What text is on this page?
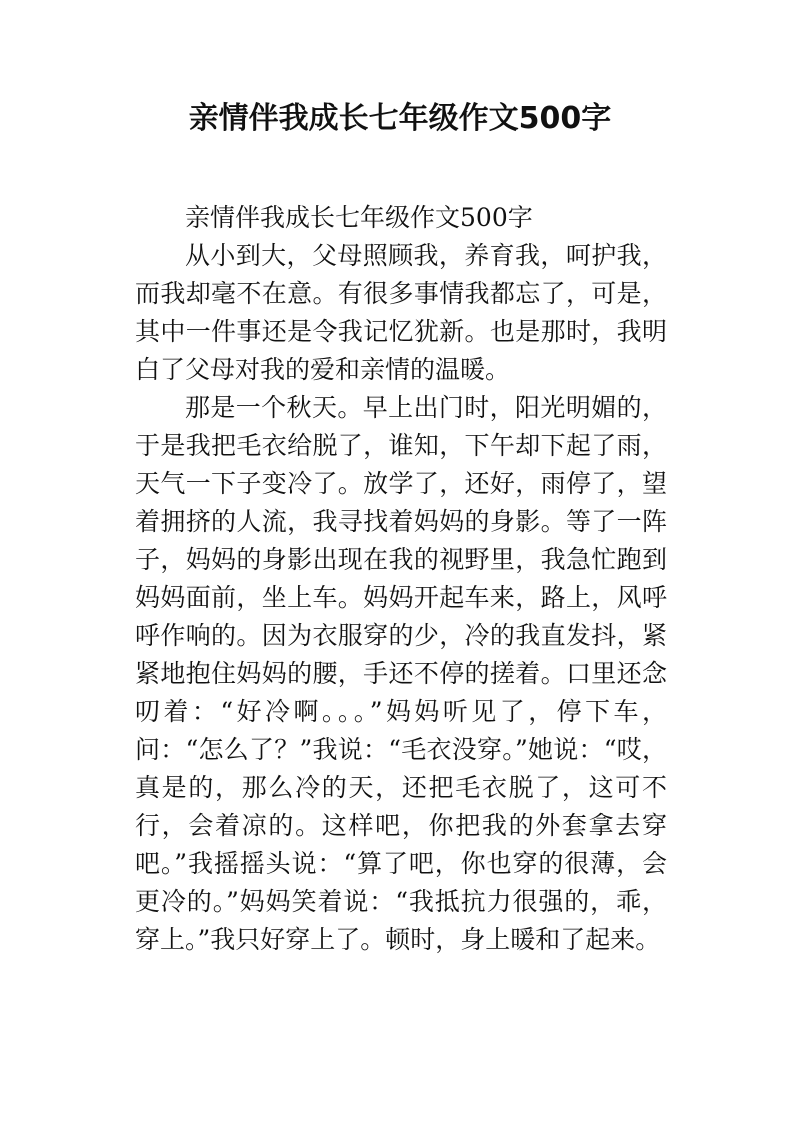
亲情伴我成长七年级作文500字

亲情伴我成长七年级作文500字

从小到大，父母照顾我，养育我，呵护我，而我却毫不在意。有很多事情我都忘了，可是，其中一件事还是令我记忆犹新。也是那时，我明白了父母对我的爱和亲情的温暖。

那是一个秋天。早上出门时，阳光明媚的，于是我把毛衣给脱了，谁知，下午却下起了雨，天气一下子变冷了。放学了，还好，雨停了，望着拥挤的人流，我寻找着妈妈的身影。等了一阵子，妈妈的身影出现在我的视野里，我急忙跑到妈妈面前，坐上车。妈妈开起车来，路上，风呼呼作响的。因为衣服穿的少，冷的我直发抖，紧紧地抱住妈妈的腰，手还不停的搓着。口里还念叨着：“好冷啊。。。”妈妈听见了，停下车，问：“怎么了？”我说：“毛衣没穿。”她说：“哎，真是的，那么冷的天，还把毛衣脱了，这可不行，会着凉的。这样吧，你把我的外套拿去穿吧。”我摇摇头说：“算了吧，你也穿的很薄，会更冷的。”妈妈笑着说：“我抵抗力很强的，乖，穿上。”我只好穿上了。顿时，身上暖和了起来。
